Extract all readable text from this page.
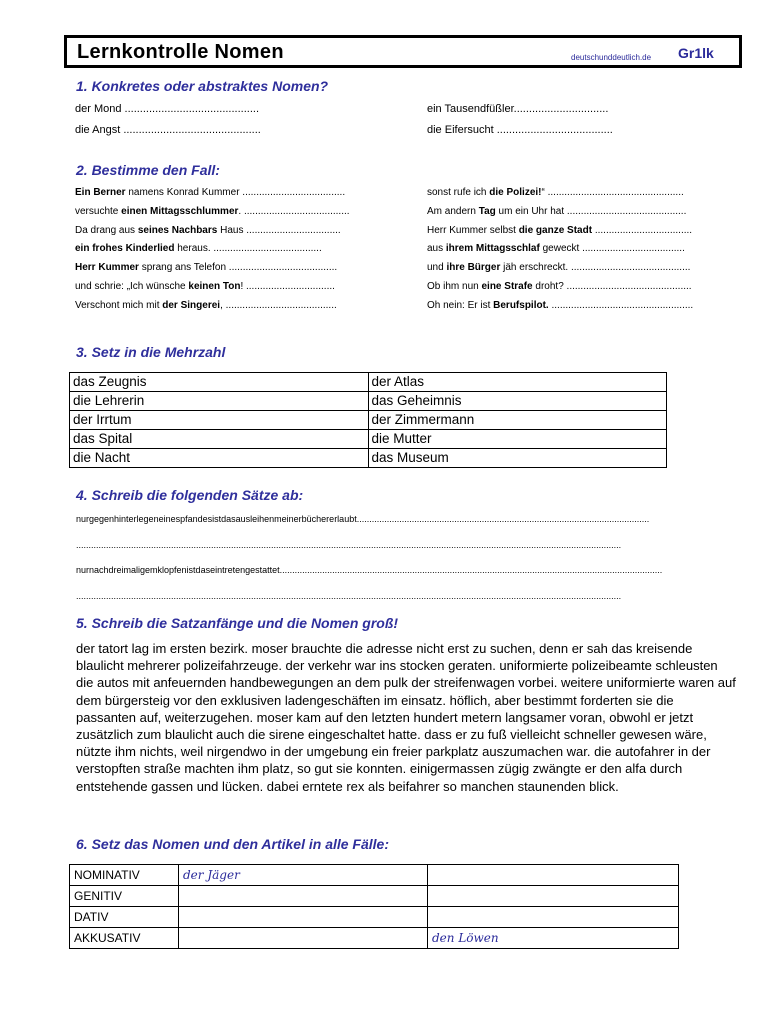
Lernkontrolle Nomen	deutschunddeutlich.de Gr1lk
1. Konkretes oder abstraktes Nomen?
der Mond ............................................	ein Tausendfüßler...............................
die Angst .............................................	die Eifersucht ......................................
2. Bestimme den Fall:
Ein Berner namens Konrad Kummer .....................................
versuchte einen Mittagsschlummer. ......................................
Da drang aus seines Nachbars Haus ..................................
ein frohes Kinderlied heraus. .......................................
Herr Kummer sprang ans Telefon .......................................
und schrie: „Ich wünsche keinen Ton! ................................
Verschont mich mit der Singerei, ........................................
sonst rufe ich die Polizei!“ .................................................
Am andern Tag um ein Uhr hat ...........................................
Herr Kummer selbst die ganze Stadt ...................................
aus ihrem Mittagsschlaf geweckt .....................................
und ihre Bürger jäh erschreckt. ...........................................
Ob ihm nun eine Strafe droht? .............................................
Oh nein: Er ist Berufspilot. ...................................................
3. Setz in die Mehrzahl
das Zeugnis	der Atlas
die Lehrerin	das Geheimnis
der Irrtum	der Zimmermann
das Spital	die Mutter
die Nacht	das Museum
4. Schreib die folgenden Sätze ab:
nurgegenhinterlegeneinespfandesistdasausleihenmeinerbüchererlaubt.....................................................................................................................
..........................................................................................................................................................................................................................
nurnachdreimaligemklopfenistdaseintretengestattet.........................................................................................................................................................
..........................................................................................................................................................................................................................
5. Schreib die Satzanfänge und die Nomen groß!
der tatort lag im ersten bezirk. moser brauchte die adresse nicht erst zu suchen, denn er sah das kreisende blaulicht mehrerer polizeifahrzeuge. der verkehr war ins stocken geraten. uniformierte polizeibeamte schleusten die autos mit anfeuernden handbewegungen an dem pulk der streifenwagen vorbei. weitere uniformierte waren auf dem bürgersteig vor den exklusiven ladengeschäften im einsatz. höflich, aber bestimmt forderten sie die passanten auf, weiterzugehen. moser kam auf den letzten hundert metern langsamer voran, obwohl er jetzt zusätzlich zum blaulicht auch die sirene eingeschaltet hatte. dass er zu fuß vielleicht schneller gewesen wäre, nützte ihm nichts, weil nirgendwo in der umgebung ein freier parkplatz auszumachen war. die autofahrer in der verstopften straße machten ihm platz, so gut sie konnten. einigermassen zügig zwängte er den alfa durch entstehende gassen und lücken. dabei erntete rex als beifahrer so manchen staunenden blick.
6. Setz das Nomen und den Artikel in alle Fälle:
NOMINATIV	der Jäger	
GENITIV		
DATIV		
AKKUSATIV		den Löwen
